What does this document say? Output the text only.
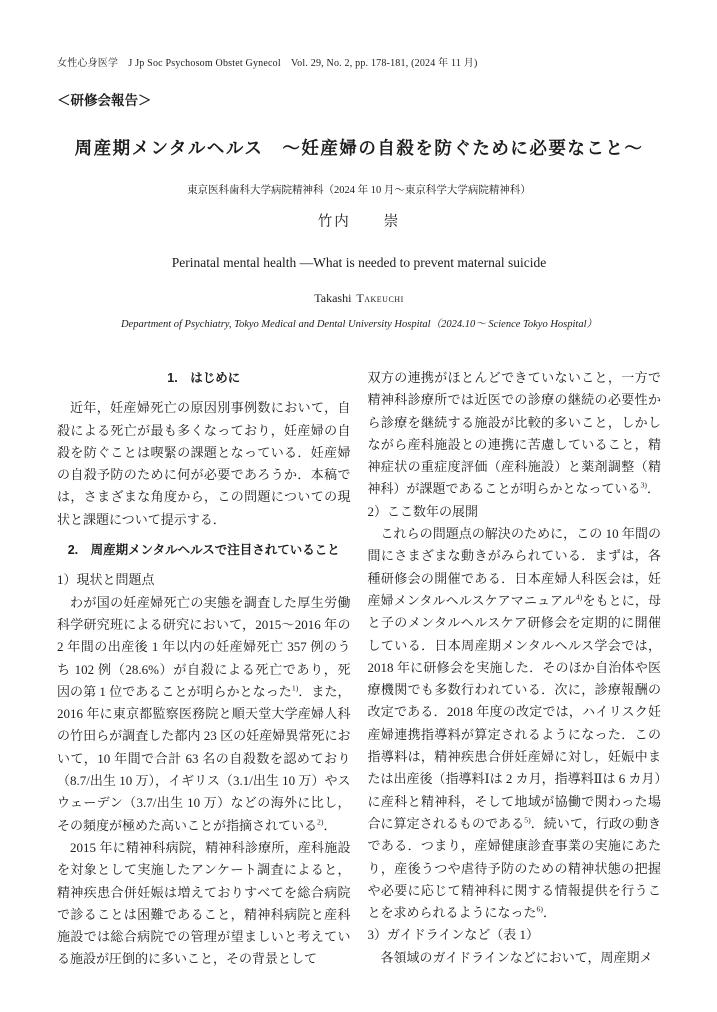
女性心身医学　J Jp Soc Psychosom Obstet Gynecol　Vol. 29, No. 2, pp. 178-181, (2024 年 11 月)
＜研修会報告＞
周産期メンタルヘルス　～妊産婦の自殺を防ぐために必要なこと～
東京医科歯科大学病院精神科（2024 年 10 月～東京科学大学病院精神科）
竹内　　崇
Perinatal mental health ―What is needed to prevent maternal suicide
Takashi Takeuchi
Department of Psychiatry, Tokyo Medical and Dental University Hospital（2024.10～ Science Tokyo Hospital）
1.　はじめに
近年，妊産婦死亡の原因別事例数において，自殺による死亡が最も多くなっており，妊産婦の自殺を防ぐことは喫緊の課題となっている．妊産婦の自殺予防のために何が必要であろうか．本稿では，さまざまな角度から，この問題についての現状と課題について提示する．
2.　周産期メンタルヘルスで注目されていること
1）現状と問題点
わが国の妊産婦死亡の実態を調査した厚生労働科学研究班による研究において，2015～2016 年の 2 年間の出産後 1 年以内の妊産婦死亡 357 例のうち 102 例（28.6%）が自殺による死亡であり，死因の第 1 位であることが明らかとなった$^{1)}$．また，2016 年に東京都監察医務院と順天堂大学産婦人科の竹田らが調査した都内 23 区の妊産婦異常死において，10 年間で合計 63 名の自殺数を認めており（8.7/出生 10 万），イギリス（3.1/出生 10 万）やスウェーデン（3.7/出生 10 万）などの海外に比し，その頻度が極めた高いことが指摘されている$^{2)}$．
2015 年に精神科病院，精神科診療所，産科施設を対象として実施したアンケート調査によると，精神疾患合併妊娠は増えておりすべてを総合病院で診ることは困難であること，精神科病院と産科施設では総合病院での管理が望ましいと考えている施設が圧倒的に多いこと，その背景として
双方の連携がほとんどできていないこと，一方で精神科診療所では近医での診療の継続の必要性から診療を継続する施設が比較的多いこと，しかしながら産科施設との連携に苦慮していること，精神症状の重症度評価（産科施設）と薬剤調整（精神科）が課題であることが明らかとなっている$^{3)}$．
2）ここ数年の展開
これらの問題点の解決のために，この 10 年間の間にさまざまな動きがみられている．まずは，各種研修会の開催である．日本産婦人科医会は，妊産婦メンタルヘルスケアマニュアル$^{4)}$をもとに，母と子のメンタルヘルスケア研修会を定期的に開催している．日本周産期メンタルヘルス学会では，2018 年に研修会を実施した．そのほか自治体や医療機関でも多数行われている．次に，診療報酬の改定である．2018 年度の改定では，ハイリスク妊産婦連携指導料が算定されるようになった．この指導料は，精神疾患合併妊産婦に対し，妊娠中または出産後（指導料Ⅰは 2 カ月，指導料Ⅱは 6 カ月）に産科と精神科，そして地域が協働で関わった場合に算定されるものである$^{5)}$．続いて，行政の動きである．つまり，産婦健康診査事業の実施にあたり，産後うつや虐待予防のための精神状態の把握や必要に応じて精神科に関する情報提供を行うことを求められるようになった$^{6)}$．
3）ガイドラインなど（表 1）
各領域のガイドラインなどにおいて，周産期メ
